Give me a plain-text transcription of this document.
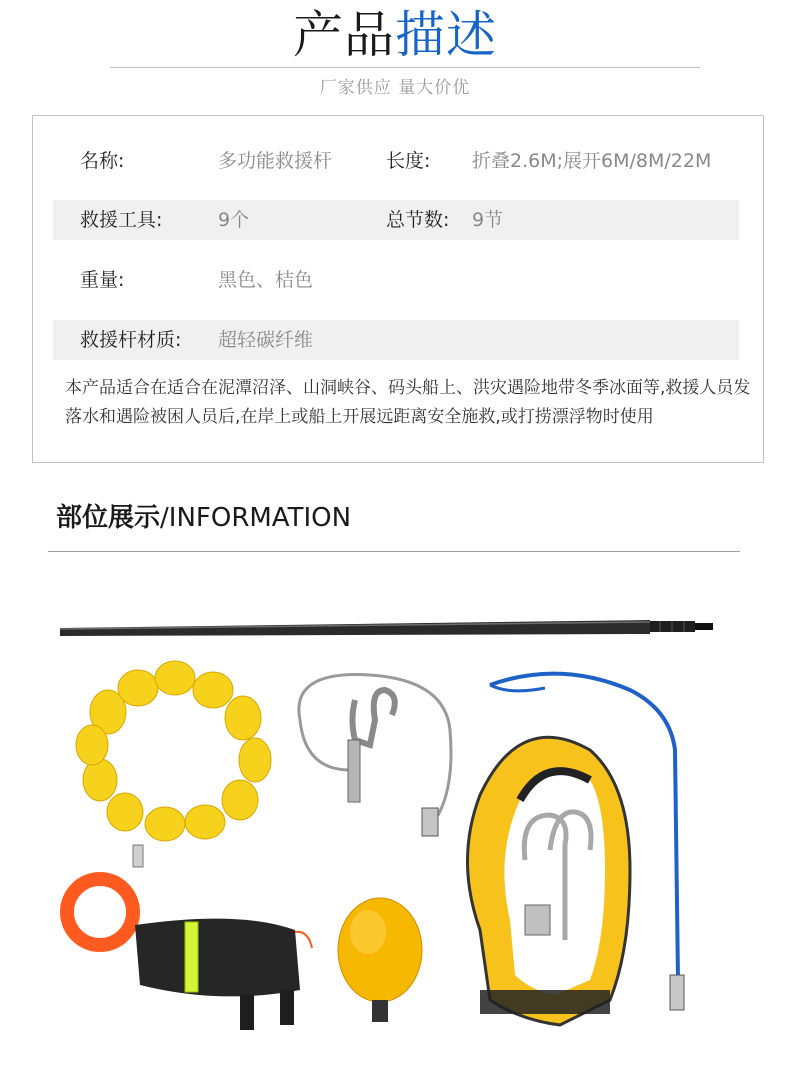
产品描述
厂家供应 量大价优
名称:	多功能救援杆	长度: 折叠2.6M;展开6M/8M/22M
救援工具:	9个	总节数: 9节
重量:	黑色、桔色
救援杆材质: 超轻碳纤维
本产品适合在适合在泥潭沼泽、山洞峡谷、码头船上、洪灾遇险地带冬季冰面等,救援人员发落水和遇险被困人员后,在岸上或船上开展远距离安全施救,或打捞漂浮物时使用
部位展示/INFORMATION
